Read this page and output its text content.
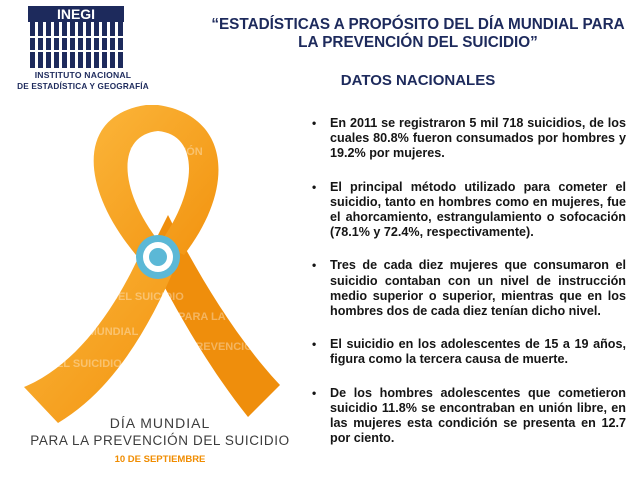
INEGI
INSTITUTO NACIONAL
DE ESTADÍSTICA Y GEOGRAFÍA
“ESTADÍSTICAS A PROPÓSITO DEL DÍA MUNDIAL PARA
LA PREVENCIÓN DEL SUICIDIO”
DATOS NACIONALES
PREVENCIÓN
DEL SUICIDIO
DIA MUNDIAL
PARA LA
PREVENCIÓN
DEL SUICIDIO
DÍA MUNDIAL
PARA LA PREVENCIÓN DEL SUICIDIO
10 DE SEPTIEMBRE
• En 2011 se registraron 5 mil 718 suicidios, de los cuales 80.8% fueron consumados por hombres y 19.2% por mujeres.
• El principal método utilizado para cometer el suicidio, tanto en hombres como en mujeres, fue el ahorcamiento, estrangulamiento o sofocación (78.1% y 72.4%, respectivamente).
• Tres de cada diez mujeres que consumaron el suicidio contaban con un nivel de instrucción medio superior o superior, mientras que en los hombres dos de cada diez tenían dicho nivel.
• El suicidio en los adolescentes de 15 a 19 años, figura como la tercera causa de muerte.
• De los hombres adolescentes que cometieron suicidio 11.8% se encontraban en unión libre, en las mujeres esta condición se presenta en 12.7 por ciento.
